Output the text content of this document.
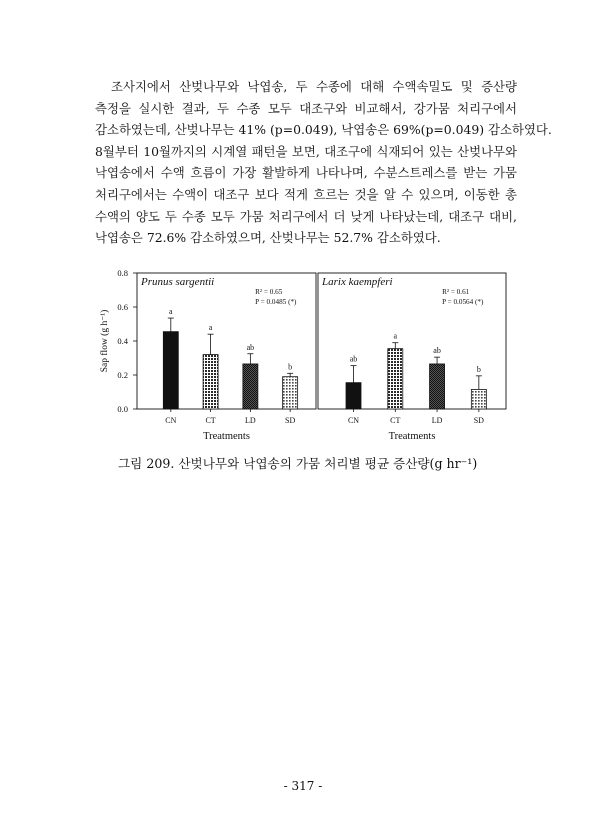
조사지에서 산벚나무와 낙엽송, 두 수종에 대해 수액속밀도 및 증산량
측정을 실시한 결과, 두 수종 모두 대조구와 비교해서, 강가뭄 처리구에서
감소하였는데, 산벚나무는 41% (p=0.049), 낙엽송은 69%(p=0.049) 감소하였다.
8월부터 10월까지의 시계열 패턴을 보면, 대조구에 식재되어 있는 산벚나무와
낙엽송에서 수액 흐름이 가장 활발하게 나타나며, 수분스트레스를 받는 가뭄
처리구에서는 수액이 대조구 보다 적게 흐르는 것을 알 수 있으며, 이동한 총
수액의 양도 두 수종 모두 가뭄 처리구에서 더 낮게 나타났는데, 대조구 대비,
낙엽송은 72.6% 감소하였으며, 산벚나무는 52.7% 감소하였다.
0.0
0.2
0.4
0.6
0.8
Sap flow (g h⁻¹)
Prunus sargentii
R² = 0.65
P = 0.0485 (*)
a
CN
a
CT
ab
LD
b
SD
Treatments
Larix kaempferi
R² = 0.61
P = 0.0564 (*)
ab
CN
a
CT
ab
LD
b
SD
Treatments
그림 209. 산벚나무와 낙엽송의 가뭄 처리별 평균 증산량(g hr⁻¹)
- 317 -
